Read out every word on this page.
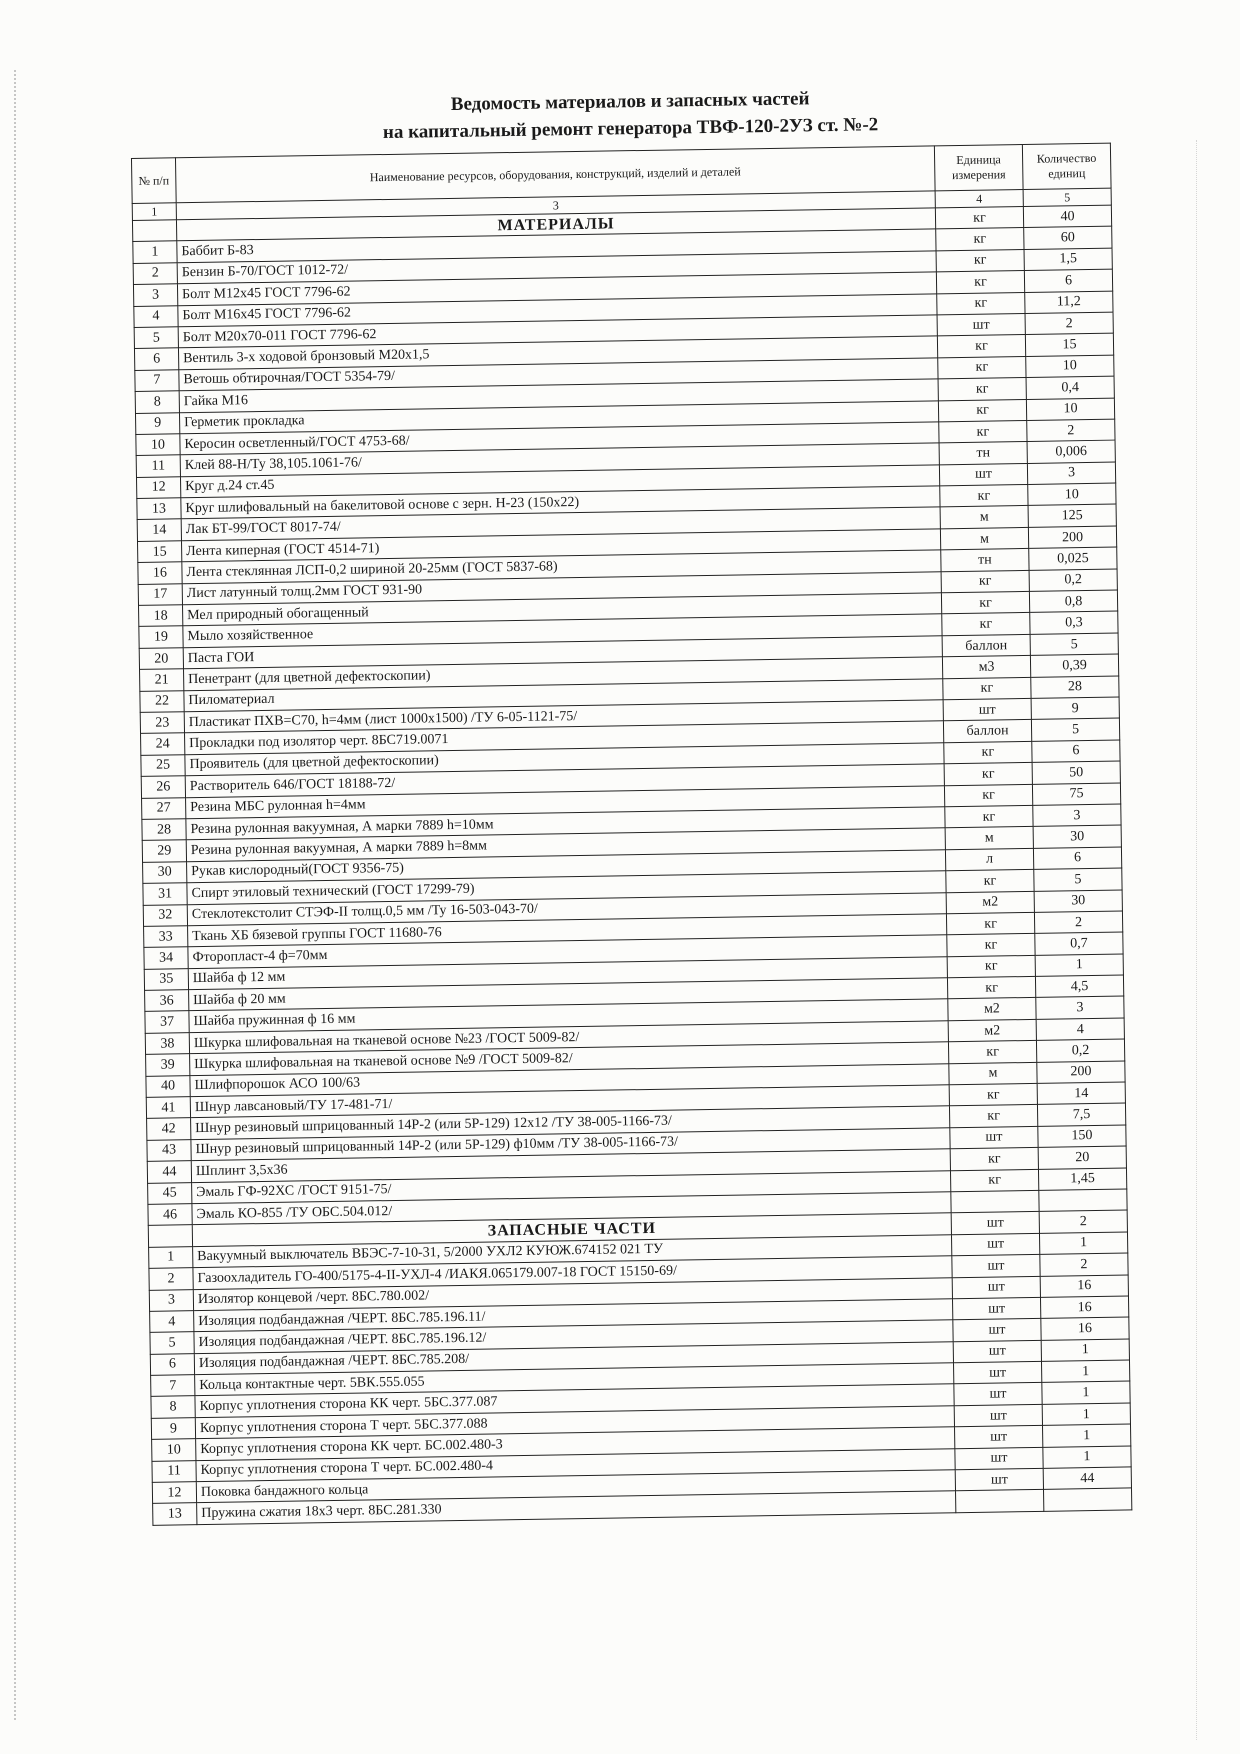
Ведомость материалов и запасных частей
на капитальный ремонт генератора ТВФ-120-2УЗ ст. №-2
№ п/п	Наименование ресурсов, оборудования, конструкций, изделий и деталей	Единица измерения	Количество единиц
1	3	4	5
	МАТЕРИАЛЫ	кг	40
1	Баббит Б-83	кг	60
2	Бензин Б-70/ГОСТ 1012-72/	кг	1,5
3	Болт М12х45 ГОСТ 7796-62	кг	6
4	Болт М16х45 ГОСТ 7796-62	кг	11,2
5	Болт М20х70-011 ГОСТ 7796-62	шт	2
6	Вентиль 3-х ходовой бронзовый М20х1,5	кг	15
7	Ветошь обтирочная/ГОСТ 5354-79/	кг	10
8	Гайка М16	кг	0,4
9	Герметик прокладка	кг	10
10	Керосин осветленный/ГОСТ 4753-68/	кг	2
11	Клей 88-Н/Ту 38,105.1061-76/	тн	0,006
12	Круг д.24 ст.45	шт	3
13	Круг шлифовальный на бакелитовой основе с зерн. Н-23 (150х22)	кг	10
14	Лак БТ-99/ГОСТ 8017-74/	м	125
15	Лента киперная (ГОСТ 4514-71)	м	200
16	Лента стеклянная ЛСП-0,2 шириной 20-25мм (ГОСТ 5837-68)	тн	0,025
17	Лист латунный толщ.2мм ГОСТ 931-90	кг	0,2
18	Мел природный обогащенный	кг	0,8
19	Мыло хозяйственное	кг	0,3
20	Паста ГОИ	баллон	5
21	Пенетрант (для цветной дефектоскопии)	м3	0,39
22	Пиломатериал	кг	28
23	Пластикат ПХВ=С70, h=4мм (лист 1000х1500) /ТУ 6-05-1121-75/	шт	9
24	Прокладки под изолятор черт. 8БС719.0071	баллон	5
25	Проявитель (для цветной дефектоскопии)	кг	6
26	Растворитель 646/ГОСТ 18188-72/	кг	50
27	Резина МБС рулонная h=4мм	кг	75
28	Резина рулонная вакуумная, А марки 7889 h=10мм	кг	3
29	Резина рулонная вакуумная, А марки 7889 h=8мм	м	30
30	Рукав кислородный(ГОСТ 9356-75)	л	6
31	Спирт этиловый технический (ГОСТ 17299-79)	кг	5
32	Стеклотекстолит СТЭФ-II толщ.0,5 мм /Ту 16-503-043-70/	м2	30
33	Ткань ХБ бязевой группы ГОСТ 11680-76	кг	2
34	Фторопласт-4 ф=70мм	кг	0,7
35	Шайба ф 12 мм	кг	1
36	Шайба ф 20 мм	кг	4,5
37	Шайба пружинная ф 16 мм	м2	3
38	Шкурка шлифовальная на тканевой основе №23 /ГОСТ 5009-82/	м2	4
39	Шкурка шлифовальная на тканевой основе №9 /ГОСТ 5009-82/	кг	0,2
40	Шлифпорошок АСО 100/63	м	200
41	Шнур лавсановый/ТУ 17-481-71/	кг	14
42	Шнур резиновый шприцованный 14Р-2 (или 5Р-129) 12х12 /ТУ 38-005-1166-73/	кг	7,5
43	Шнур резиновый шприцованный 14Р-2 (или 5Р-129) ф10мм /ТУ 38-005-1166-73/	шт	150
44	Шплинт 3,5х36	кг	20
45	Эмаль ГФ-92ХС /ГОСТ 9151-75/	кг	1,45
46	Эмаль КО-855 /ТУ ОБС.504.012/		
	ЗАПАСНЫЕ ЧАСТИ	шт	2
1	Вакуумный выключатель ВБЭС-7-10-31, 5/2000 УХЛ2 КУЮЖ.674152 021 ТУ	шт	1
2	Газоохладитель ГО-400/5175-4-II-УХЛ-4 /ИАКЯ.065179.007-18 ГОСТ 15150-69/	шт	2
3	Изолятор концевой /черт. 8БС.780.002/	шт	16
4	Изоляция подбандажная /ЧЕРТ. 8БС.785.196.11/	шт	16
5	Изоляция подбандажная /ЧЕРТ. 8БС.785.196.12/	шт	16
6	Изоляция подбандажная /ЧЕРТ. 8БС.785.208/	шт	1
7	Кольца контактные черт. 5ВК.555.055	шт	1
8	Корпус уплотнения сторона КК черт. 5БС.377.087	шт	1
9	Корпус уплотнения сторона Т черт. 5БС.377.088	шт	1
10	Корпус уплотнения сторона КК черт. БС.002.480-3	шт	1
11	Корпус уплотнения сторона Т черт. БС.002.480-4	шт	1
12	Поковка бандажного кольца	шт	44
13	Пружина сжатия 18х3 черт. 8БС.281.330		
